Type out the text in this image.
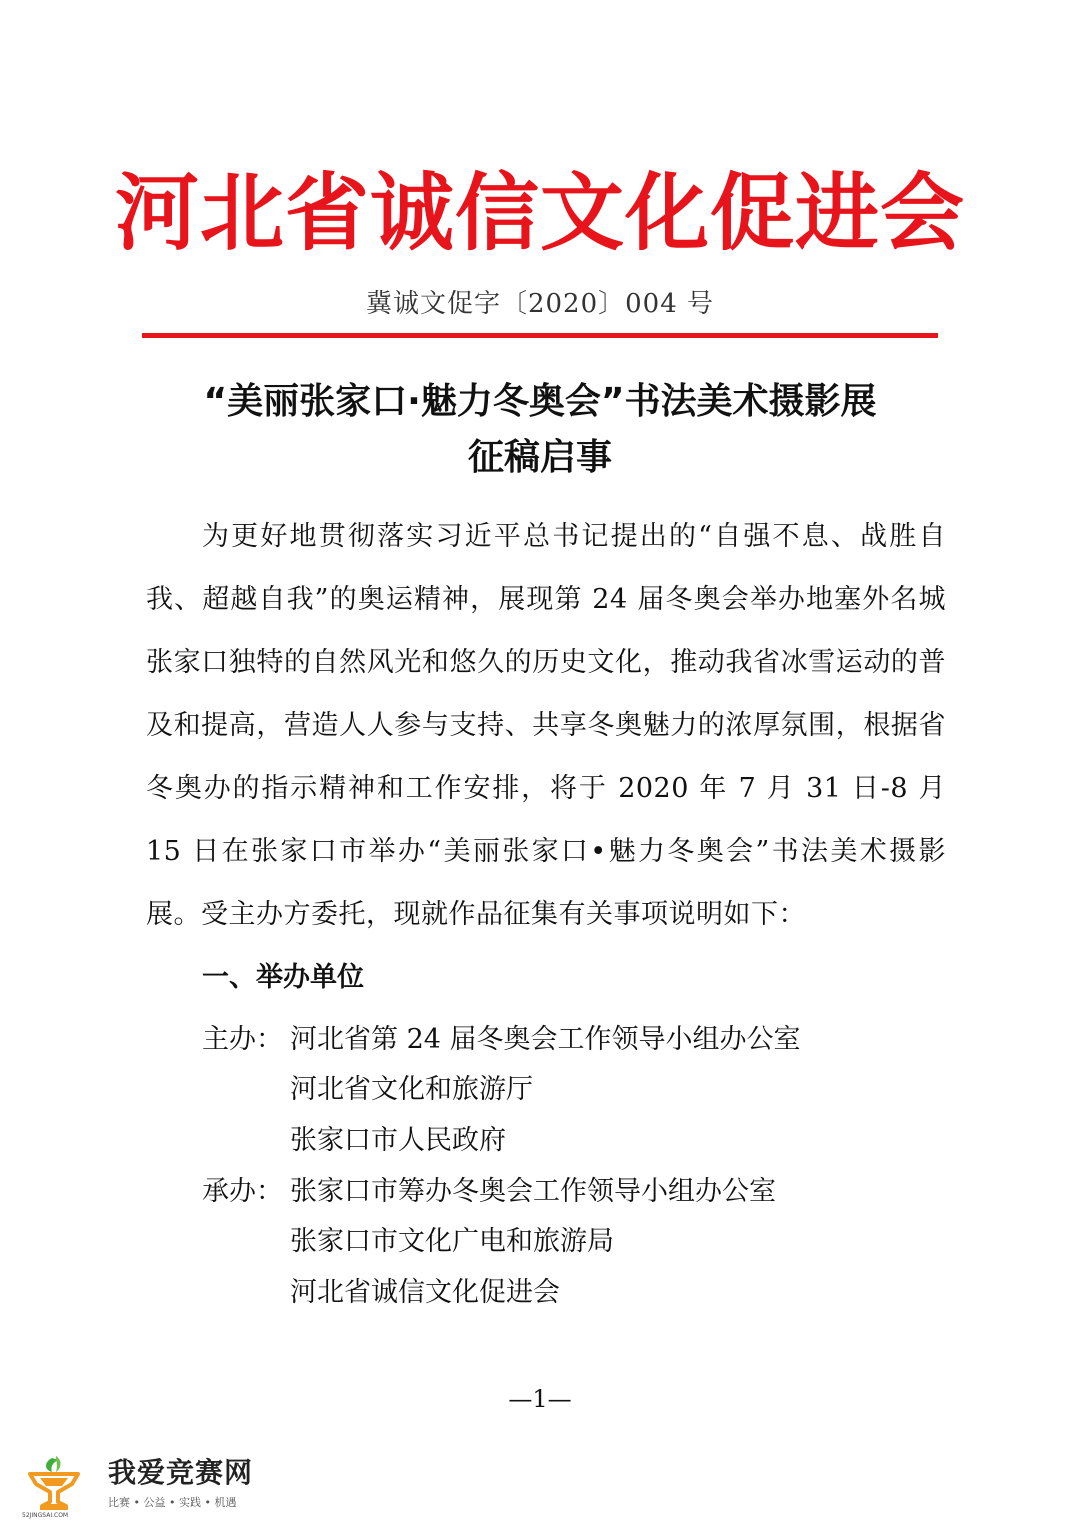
河北省诚信文化促进会
冀诚文促字〔2020〕004 号
“美丽张家口·魅力冬奥会”书法美术摄影展
征稿启事

为更好地贯彻落实习近平总书记提出的“自强不息、战胜自我、超越自我”的奥运精神，展现第 24 届冬奥会举办地塞外名城张家口独特的自然风光和悠久的历史文化，推动我省冰雪运动的普及和提高，营造人人参与支持、共享冬奥魅力的浓厚氛围，根据省冬奥办的指示精神和工作安排，将于 2020 年 7 月 31 日-8 月 15 日在张家口市举办“美丽张家口•魅力冬奥会”书法美术摄影展。受主办方委托，现就作品征集有关事项说明如下：

一、举办单位
主办： 河北省第 24 届冬奥会工作领导小组办公室
河北省文化和旅游厅
张家口市人民政府
承办： 张家口市筹办冬奥会工作领导小组办公室
张家口市文化广电和旅游局
河北省诚信文化促进会
—1—
52JINGSAI.COM
我爱竞赛网
比赛 • 公益 • 实践 • 机遇
